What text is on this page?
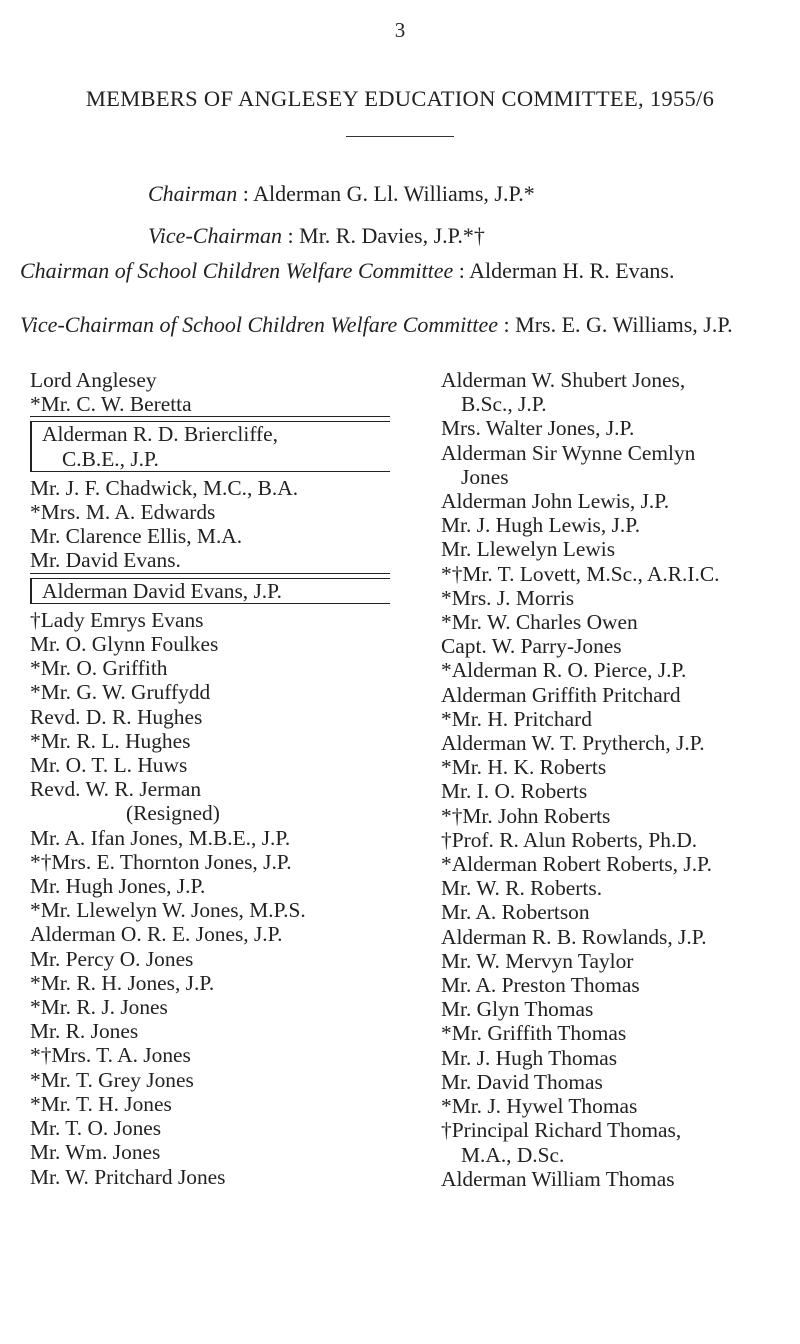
3
MEMBERS OF ANGLESEY EDUCATION COMMITTEE, 1955/6
Chairman : Alderman G. Ll. Williams, J.P.*
Vice-Chairman : Mr. R. Davies, J.P.*†
Chairman of School Children Welfare Committee : Alderman H. R. Evans.
Vice-Chairman of School Children Welfare Committee : Mrs. E. G. Williams, J.P.
Lord Anglesey
*Mr. C. W. Beretta
Alderman R. D. Briercliffe,
C.B.E., J.P.
Mr. J. F. Chadwick, M.C., B.A.
*Mrs. M. A. Edwards
Mr. Clarence Ellis, M.A.
Mr. David Evans.
Alderman David Evans, J.P.
†Lady Emrys Evans
Mr. O. Glynn Foulkes
*Mr. O. Griffith
*Mr. G. W. Gruffydd
Revd. D. R. Hughes
*Mr. R. L. Hughes
Mr. O. T. L. Huws
Revd. W. R. Jerman
(Resigned)
Mr. A. Ifan Jones, M.B.E., J.P.
*†Mrs. E. Thornton Jones, J.P.
Mr. Hugh Jones, J.P.
*Mr. Llewelyn W. Jones, M.P.S.
Alderman O. R. E. Jones, J.P.
Mr. Percy O. Jones
*Mr. R. H. Jones, J.P.
*Mr. R. J. Jones
Mr. R. Jones
*†Mrs. T. A. Jones
*Mr. T. Grey Jones
*Mr. T. H. Jones
Mr. T. O. Jones
Mr. Wm. Jones
Mr. W. Pritchard Jones
Alderman W. Shubert Jones,
B.Sc., J.P.
Mrs. Walter Jones, J.P.
Alderman Sir Wynne Cemlyn
Jones
Alderman John Lewis, J.P.
Mr. J. Hugh Lewis, J.P.
Mr. Llewelyn Lewis
*†Mr. T. Lovett, M.Sc., A.R.I.C.
*Mrs. J. Morris
*Mr. W. Charles Owen
Capt. W. Parry-Jones
*Alderman R. O. Pierce, J.P.
Alderman Griffith Pritchard
*Mr. H. Pritchard
Alderman W. T. Prytherch, J.P.
*Mr. H. K. Roberts
Mr. I. O. Roberts
*†Mr. John Roberts
†Prof. R. Alun Roberts, Ph.D.
*Alderman Robert Roberts, J.P.
Mr. W. R. Roberts.
Mr. A. Robertson
Alderman R. B. Rowlands, J.P.
Mr. W. Mervyn Taylor
Mr. A. Preston Thomas
Mr. Glyn Thomas
*Mr. Griffith Thomas
Mr. J. Hugh Thomas
Mr. David Thomas
*Mr. J. Hywel Thomas
†Principal Richard Thomas,
M.A., D.Sc.
Alderman William Thomas
